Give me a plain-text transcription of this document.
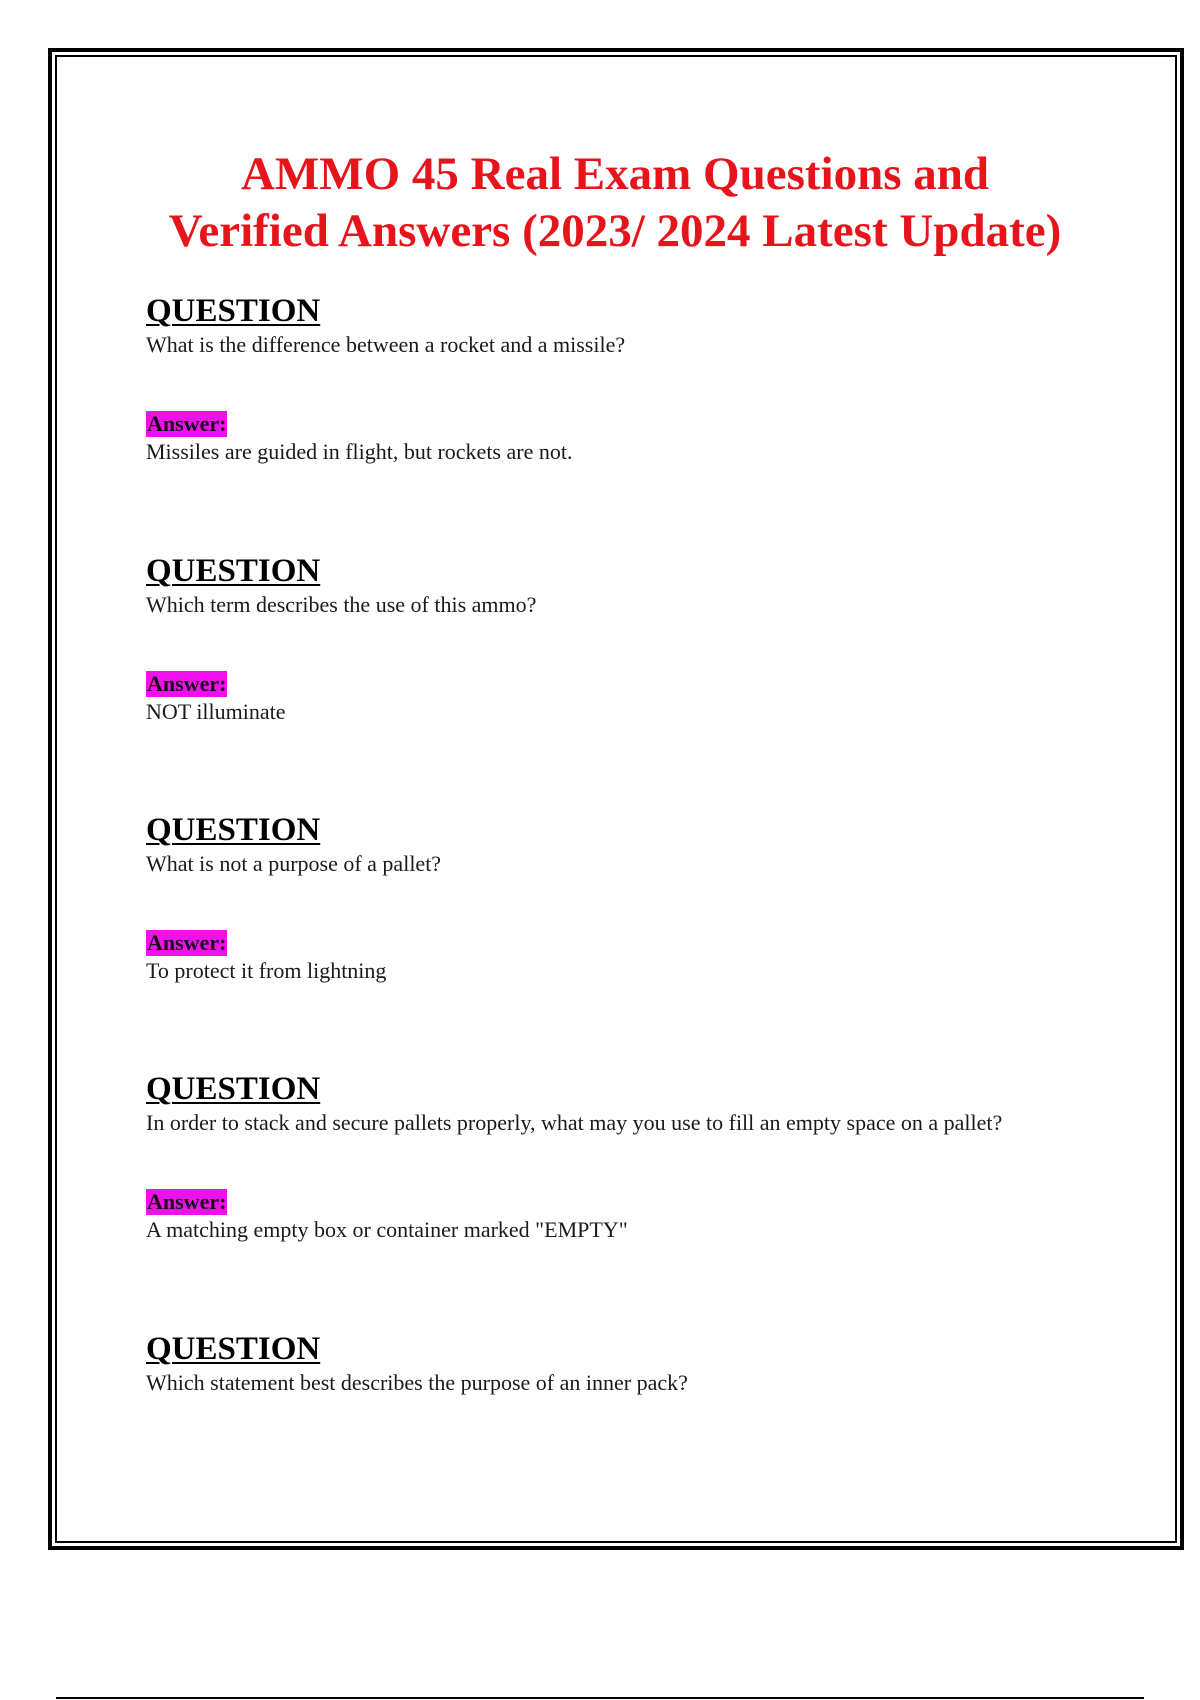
AMMO 45 Real Exam Questions and
Verified Answers (2023/ 2024 Latest Update)
QUESTION
What is the difference between a rocket and a missile?
Answer:
Missiles are guided in flight, but rockets are not.
QUESTION
Which term describes the use of this ammo?
Answer:
NOT illuminate
QUESTION
What is not a purpose of a pallet?
Answer:
To protect it from lightning
QUESTION
In order to stack and secure pallets properly, what may you use to fill an empty space on a pallet?
Answer:
A matching empty box or container marked "EMPTY"
QUESTION
Which statement best describes the purpose of an inner pack?
